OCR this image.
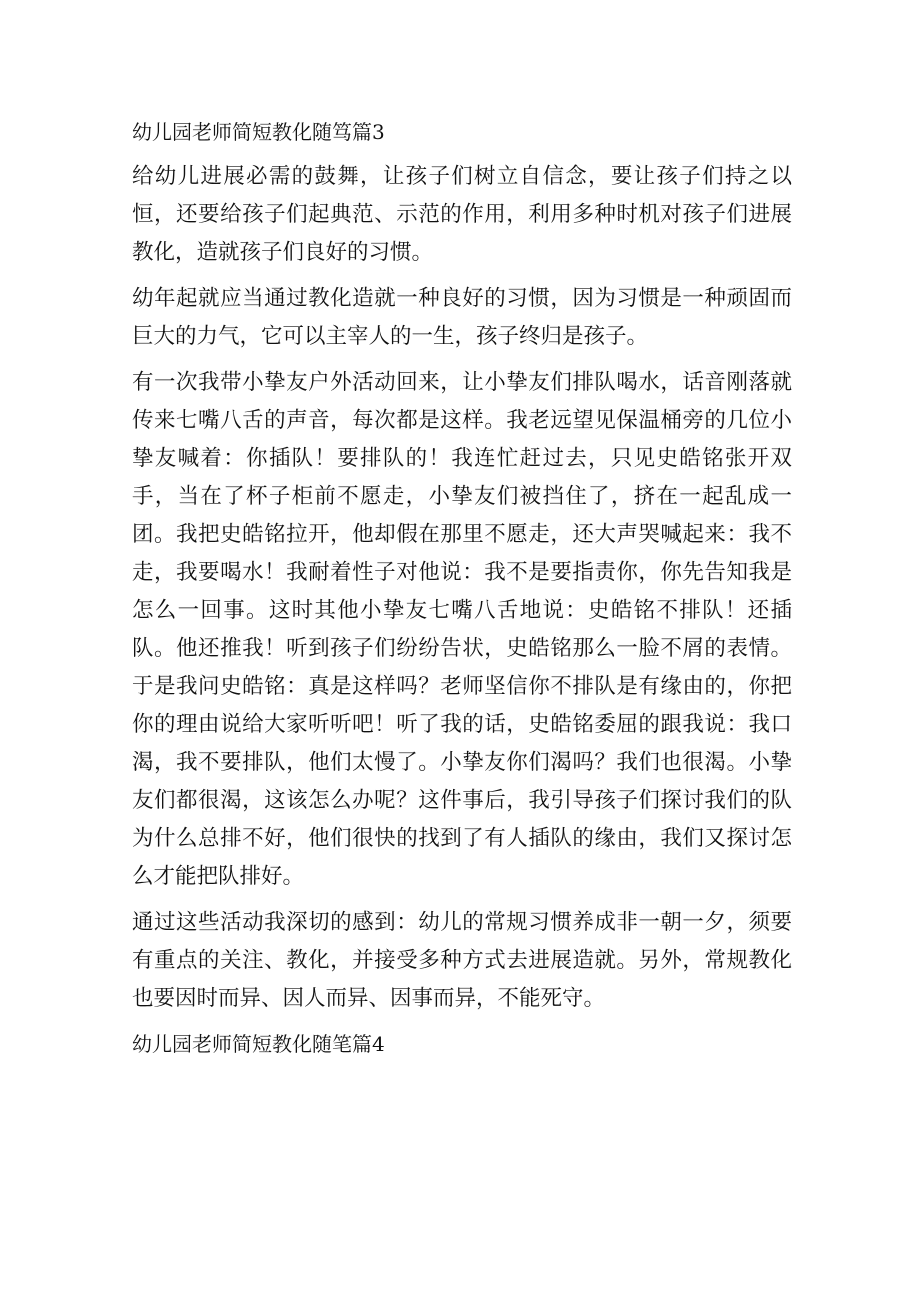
幼儿园老师简短教化随笃篇3

给幼儿进展必需的鼓舞，让孩子们树立自信念，要让孩子们持之以恒，还要给孩子们起典范、示范的作用，利用多种时机对孩子们进展教化，造就孩子们良好的习惯。

幼年起就应当通过教化造就一种良好的习惯，因为习惯是一种顽固而巨大的力气，它可以主宰人的一生，孩子终归是孩子。

有一次我带小挚友户外活动回来，让小挚友们排队喝水，话音刚落就传来七嘴八舌的声音，每次都是这样。我老远望见保温桶旁的几位小挚友喊着：你插队！要排队的！我连忙赶过去，只见史皓铭张开双手，当在了杯子柜前不愿走，小挚友们被挡住了，挤在一起乱成一团。我把史皓铭拉开，他却假在那里不愿走，还大声哭喊起来：我不走，我要喝水！我耐着性子对他说：我不是要指责你，你先告知我是怎么一回事。这时其他小挚友七嘴八舌地说：史皓铭不排队！还插队。他还推我！听到孩子们纷纷告状，史皓铭那么一脸不屑的表情。于是我问史皓铭：真是这样吗？老师坚信你不排队是有缘由的，你把你的理由说给大家听听吧！听了我的话，史皓铭委屈的跟我说：我口渴，我不要排队，他们太慢了。小挚友你们渴吗？我们也很渴。小挚友们都很渴，这该怎么办呢？这件事后，我引导孩子们探讨我们的队为什么总排不好，他们很快的找到了有人插队的缘由，我们又探讨怎么才能把队排好。

通过这些活动我深切的感到：幼儿的常规习惯养成非一朝一夕，须要有重点的关注、教化，并接受多种方式去进展造就。另外，常规教化也要因时而异、因人而异、因事而异，不能死守。

幼儿园老师简短教化随笔篇4
